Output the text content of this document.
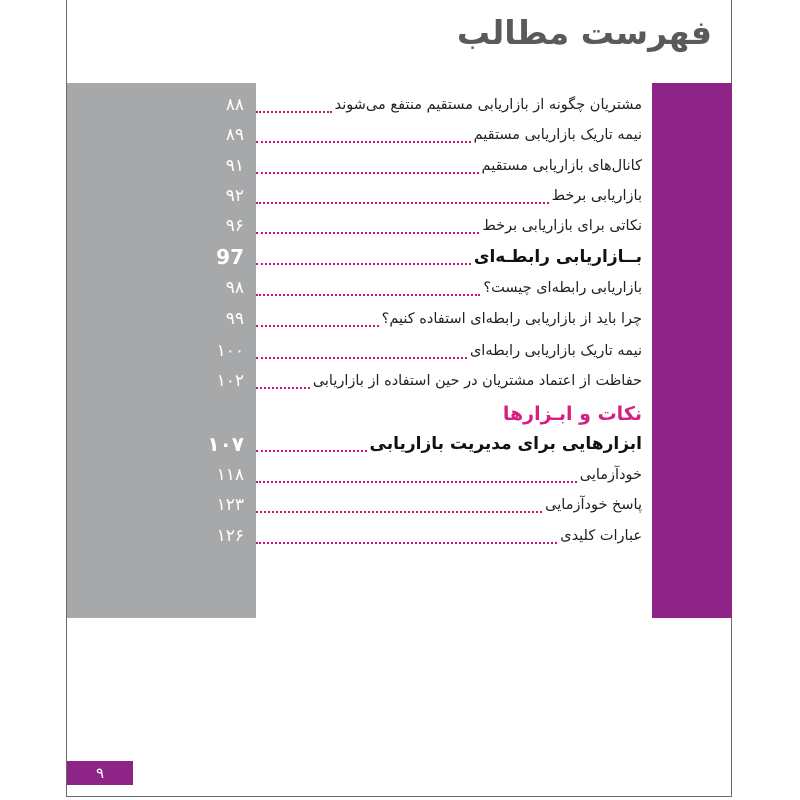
فهرست مطالب
۸۸	مشتریان چگونه از بازاریابی مستقیم منتفع می‌شوند
۸۹	نیمه تاریک بازاریابی مستقیم
۹۱	کانال‌های بازاریابی مستقیم
۹۲	بازاریابی برخط
۹۶	نکاتی برای بازاریابی برخط
97	بــازاریابی رابطـه‌ای
۹۸	بازاریابی رابطه‌ای چیست؟
۹۹	چرا باید از بازاریابی رابطه‌ای استفاده کنیم؟
۱۰۰	نیمه تاریک بازاریابی رابطه‌ای
۱۰۲	حفاظت از اعتماد مشتریان در حین استفاده از بازاریابی
نکات و ابـزارها
۱۰۷	ابزارهایی برای مدیریت بازاریابی
۱۱۸	خودآزمایی
۱۲۳	پاسخ خودآزمایی
۱۲۶	عبارات کلیدی
۹
